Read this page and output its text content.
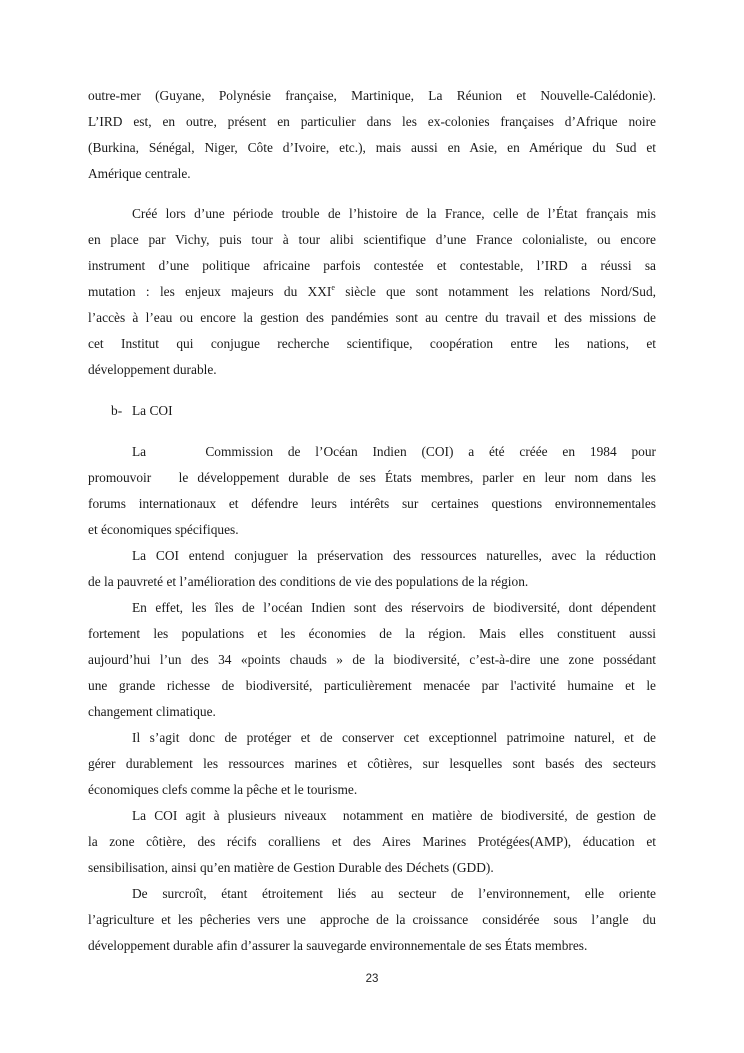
outre-mer (Guyane, Polynésie française, Martinique, La Réunion et Nouvelle-Calédonie).
L’IRD est, en outre, présent en particulier dans les ex-colonies françaises d’Afrique noire
(Burkina, Sénégal, Niger, Côte d’Ivoire, etc.), mais aussi en Asie, en Amérique du Sud et
Amérique centrale.
Créé lors d’une période trouble de l’histoire de la France, celle de l’État français mis
en place par Vichy, puis tour à tour alibi scientifique d’une France colonialiste, ou encore
instrument d’une politique africaine parfois contestée et contestable, l’IRD a réussi sa
mutation : les enjeux majeurs du XXIe siècle que sont notamment les relations Nord/Sud,
l’accès à l’eau ou encore la gestion des pandémies sont au centre du travail et des missions de
cet Institut qui conjugue recherche scientifique, coopération entre les nations, et
développement durable.
b- La COI
La    Commission de l’Océan Indien (COI) a été créée en 1984 pour
promouvoir   le développement durable de ses États membres, parler en leur nom dans les
forums internationaux et défendre leurs intérêts sur certaines questions environnementales
et économiques spécifiques.
La COI entend conjuguer la préservation des ressources naturelles, avec la réduction
de la pauvreté et l’amélioration des conditions de vie des populations de la région.
En effet, les îles de l’océan Indien sont des réservoirs de biodiversité, dont dépendent
fortement les populations et les économies de la région. Mais elles constituent aussi
aujourd’hui l’un des 34 «points chauds » de la biodiversité, c’est-à-dire une zone possédant
une grande richesse de biodiversité, particulièrement menacée par l'activité humaine et le
changement climatique.
Il s’agit donc de protéger et de conserver cet exceptionnel patrimoine naturel, et de
gérer durablement les ressources marines et côtières, sur lesquelles sont basés des secteurs
économiques clefs comme la pêche et le tourisme.
La COI agit à plusieurs niveaux  notamment en matière de biodiversité, de gestion de
la zone côtière, des récifs coralliens et des Aires Marines Protégées(AMP), éducation et
sensibilisation, ainsi qu’en matière de Gestion Durable des Déchets (GDD).
De surcroît, étant étroitement liés au secteur de l’environnement, elle oriente
l’agriculture et les pêcheries vers une  approche de la croissance  considérée  sous  l’angle  du
développement durable afin d’assurer la sauvegarde environnementale de ses États membres.
23
